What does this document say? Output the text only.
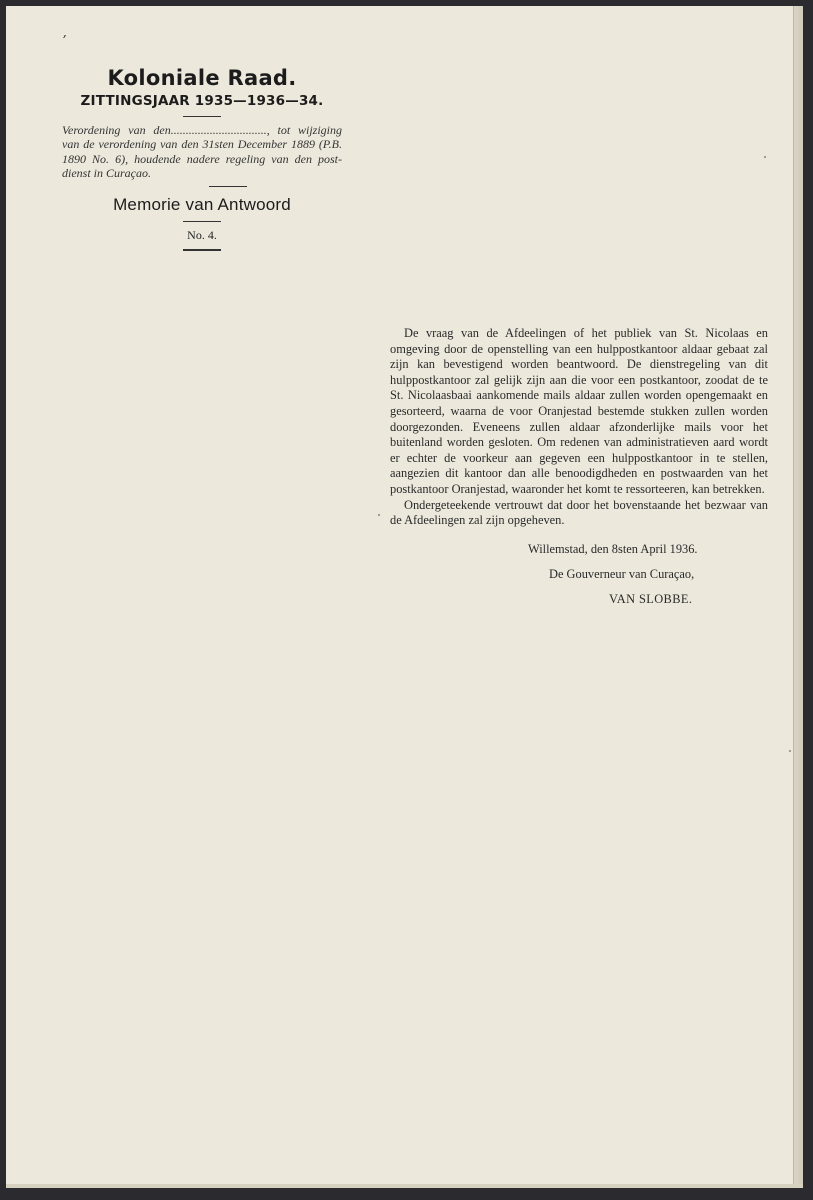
ʼ
Koloniale Raad.

ZITTINGSJAAR 1935—1936—34.

Verordening van den................................, tot wijziging van de verordening van den 31sten December 1889 (P.B. 1890 No. 6), houdende nadere regeling van den post-dienst in Curaçao.

Memorie van Antwoord

No. 4.

De vraag van de Afdeelingen of het publiek van St. Nicolaas en omgeving door de openstelling van een hulppostkantoor aldaar gebaat zal zijn kan bevestigend worden beantwoord. De dienstregeling van dit hulppostkantoor zal gelijk zijn aan die voor een postkantoor, zoodat de te St. Nicolaasbaai aankomende mails aldaar zullen worden opengemaakt en gesorteerd, waarna de voor Oranjestad bestemde stukken zullen worden doorgezonden. Eveneens zullen aldaar afzonderlijke mails voor het buitenland worden gesloten. Om redenen van administratieven aard wordt er echter de voorkeur aan gegeven een hulppostkantoor in te stellen, aangezien dit kantoor dan alle benoodigdheden en postwaarden van het postkantoor Oranjestad, waaronder het komt te ressorteeren, kan betrekken.

Ondergeteekende vertrouwt dat door het bovenstaande het bezwaar van de Afdeelingen zal zijn opgeheven.

Willemstad, den 8sten April 1936.

De Gouverneur van Curaçao,

VAN SLOBBE.
